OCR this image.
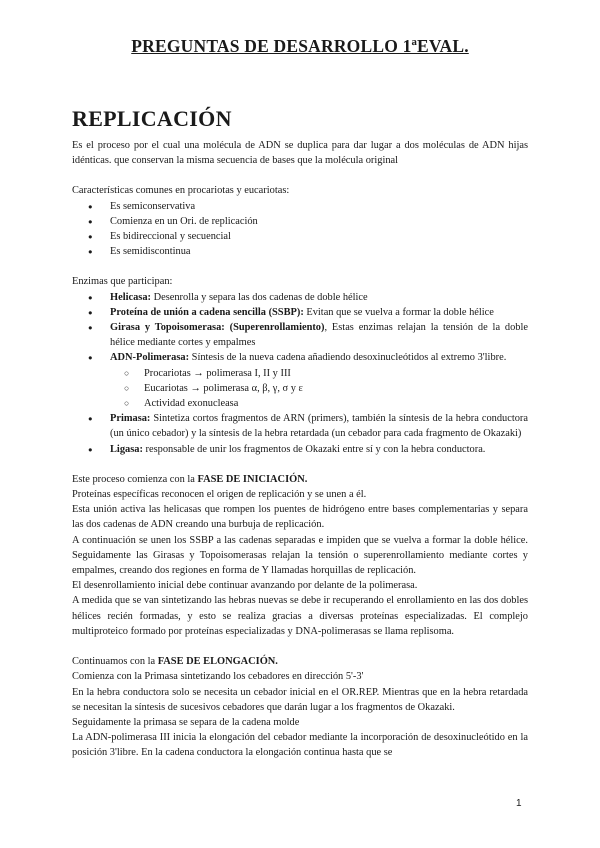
PREGUNTAS DE DESARROLLO 1ªEVAL.
REPLICACIÓN

Es el proceso por el cual una molécula de ADN se duplica para dar lugar a dos moléculas de ADN hijas idénticas. que conservan la misma secuencia de bases que la molécula original

Características comunes en procariotas y eucariotas:

● Es semiconservativa
● Comienza en un Ori. de replicación
● Es bidireccional y secuencial
● Es semidiscontinua

Enzimas que participan:

● Helicasa: Desenrolla y separa las dos cadenas de doble hélice
● Proteína de unión a cadena sencilla (SSBP): Evitan que se vuelva a formar la doble hélice
● Girasa y Topoisomerasa: (Superenrollamiento), Estas enzimas relajan la tensión de la doble hélice mediante cortes y empalmes
● ADN-Polimerasa: Síntesis de la nueva cadena añadiendo desoxinucleótidos al extremo 3'libre.
○ Procariotas → polimerasa I, II y III
○ Eucariotas → polimerasa α, β, γ, σ y ε
○ Actividad exonucleasa
● Primasa: Sintetiza cortos fragmentos de ARN (primers), también la síntesis de la hebra conductora (un único cebador) y la síntesis de la hebra retardada (un cebador para cada fragmento de Okazaki)
● Ligasa: responsable de unir los fragmentos de Okazaki entre sí y con la hebra conductora.

Este proceso comienza con la FASE DE INICIACIÓN.

Proteínas específicas reconocen el origen de replicación y se unen a él.

Esta unión activa las helicasas que rompen los puentes de hidrógeno entre bases complementarias y separa las dos cadenas de ADN creando una burbuja de replicación.

A continuación se unen los SSBP a las cadenas separadas e impiden que se vuelva a formar la doble hélice. Seguidamente las Girasas y Topoisomerasas relajan la tensión o superenrollamiento mediante cortes y empalmes, creando dos regiones en forma de Y llamadas horquillas de replicación.

El desenrollamiento inicial debe continuar avanzando por delante de la polimerasa.

A medida que se van sintetizando las hebras nuevas se debe ir recuperando el enrollamiento en las dos dobles hélices recién formadas, y esto se realiza gracias a diversas proteínas especializadas. El complejo multiproteico formado por proteínas especializadas y DNA-polimerasas se llama replisoma.

Continuamos con la FASE DE ELONGACIÓN.

Comienza con la Primasa sintetizando los cebadores en dirección 5'-3'

En la hebra conductora solo se necesita un cebador inicial en el OR.REP. Mientras que en la hebra retardada se necesitan la síntesis de sucesivos cebadores que darán lugar a los fragmentos de Okazaki.

Seguidamente la primasa se separa de la cadena molde

La ADN-polimerasa III inicia la elongación del cebador mediante la incorporación de desoxinucleótido en la posición 3'libre. En la cadena conductora la elongación continua hasta que se

1
